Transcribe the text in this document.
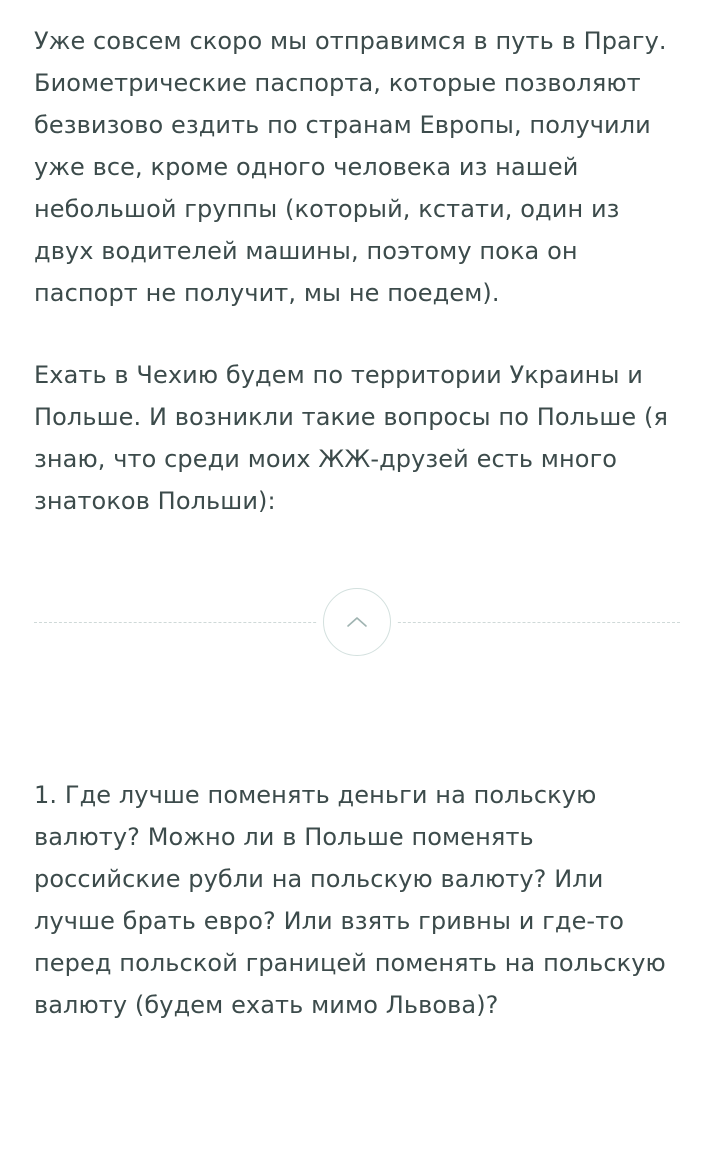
Уже совсем скоро мы отправимся в путь в Прагу. Биометрические паспорта, которые позволяют безвизово ездить по странам Европы, получили уже все, кроме одного человека из нашей небольшой группы (который, кстати, один из двух водителей машины, поэтому пока он паспорт не получит, мы не поедем).

Ехать в Чехию будем по территории Украины и Польше. И возникли такие вопросы по Польше (я знаю, что среди моих ЖЖ-друзей есть много знатоков Польши):

1. Где лучше поменять деньги на польскую валюту? Можно ли в Польше поменять российские рубли на польскую валюту? Или лучше брать евро? Или взять гривны и где-то перед польской границей поменять на польскую валюту (будем ехать мимо Львова)?
